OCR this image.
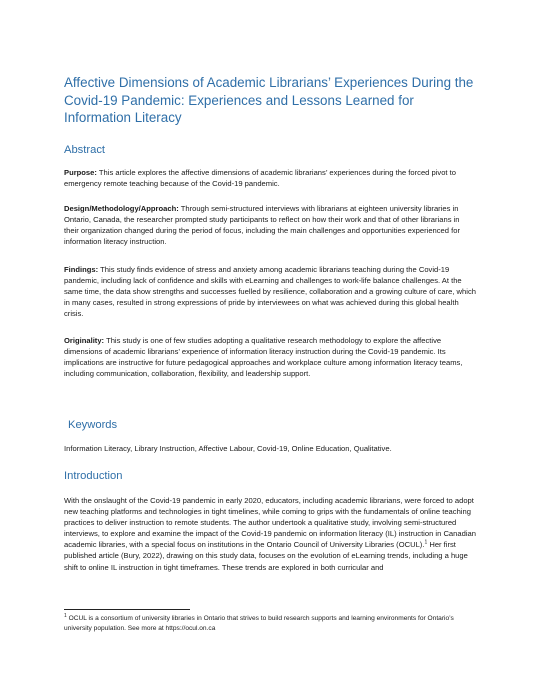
Affective Dimensions of Academic Librarians’ Experiences During the Covid-19 Pandemic: Experiences and Lessons Learned for Information Literacy
Abstract
Purpose: This article explores the affective dimensions of academic librarians’ experiences during the forced pivot to emergency remote teaching because of the Covid-19 pandemic.
Design/Methodology/Approach: Through semi-structured interviews with librarians at eighteen university libraries in Ontario, Canada, the researcher prompted study participants to reflect on how their work and that of other librarians in their organization changed during the period of focus, including the main challenges and opportunities experienced for information literacy instruction.
Findings: This study finds evidence of stress and anxiety among academic librarians teaching during the Covid-19 pandemic, including lack of confidence and skills with eLearning and challenges to work-life balance challenges. At the same time, the data show strengths and successes fuelled by resilience, collaboration and a growing culture of care, which in many cases, resulted in strong expressions of pride by interviewees on what was achieved during this global health crisis.
Originality: This study is one of few studies adopting a qualitative research methodology to explore the affective dimensions of academic librarians’ experience of information literacy instruction during the Covid-19 pandemic. Its implications are instructive for future pedagogical approaches and workplace culture among information literacy teams, including communication, collaboration, flexibility, and leadership support.
Keywords
Information Literacy, Library Instruction, Affective Labour, Covid-19, Online Education, Qualitative.
Introduction
With the onslaught of the Covid-19 pandemic in early 2020, educators, including academic librarians, were forced to adopt new teaching platforms and technologies in tight timelines, while coming to grips with the fundamentals of online teaching practices to deliver instruction to remote students. The author undertook a qualitative study, involving semi-structured interviews, to explore and examine the impact of the Covid-19 pandemic on information literacy (IL) instruction in Canadian academic libraries, with a special focus on institutions in the Ontario Council of University Libraries (OCUL).$^1$ Her first published article (Bury, 2022), drawing on this study data, focuses on the evolution of eLearning trends, including a huge shift to online IL instruction in tight timeframes. These trends are explored in both curricular and
$^1$ OCUL is a consortium of university libraries in Ontario that strives to build research supports and learning environments for Ontario’s university population. See more at https://ocul.on.ca
